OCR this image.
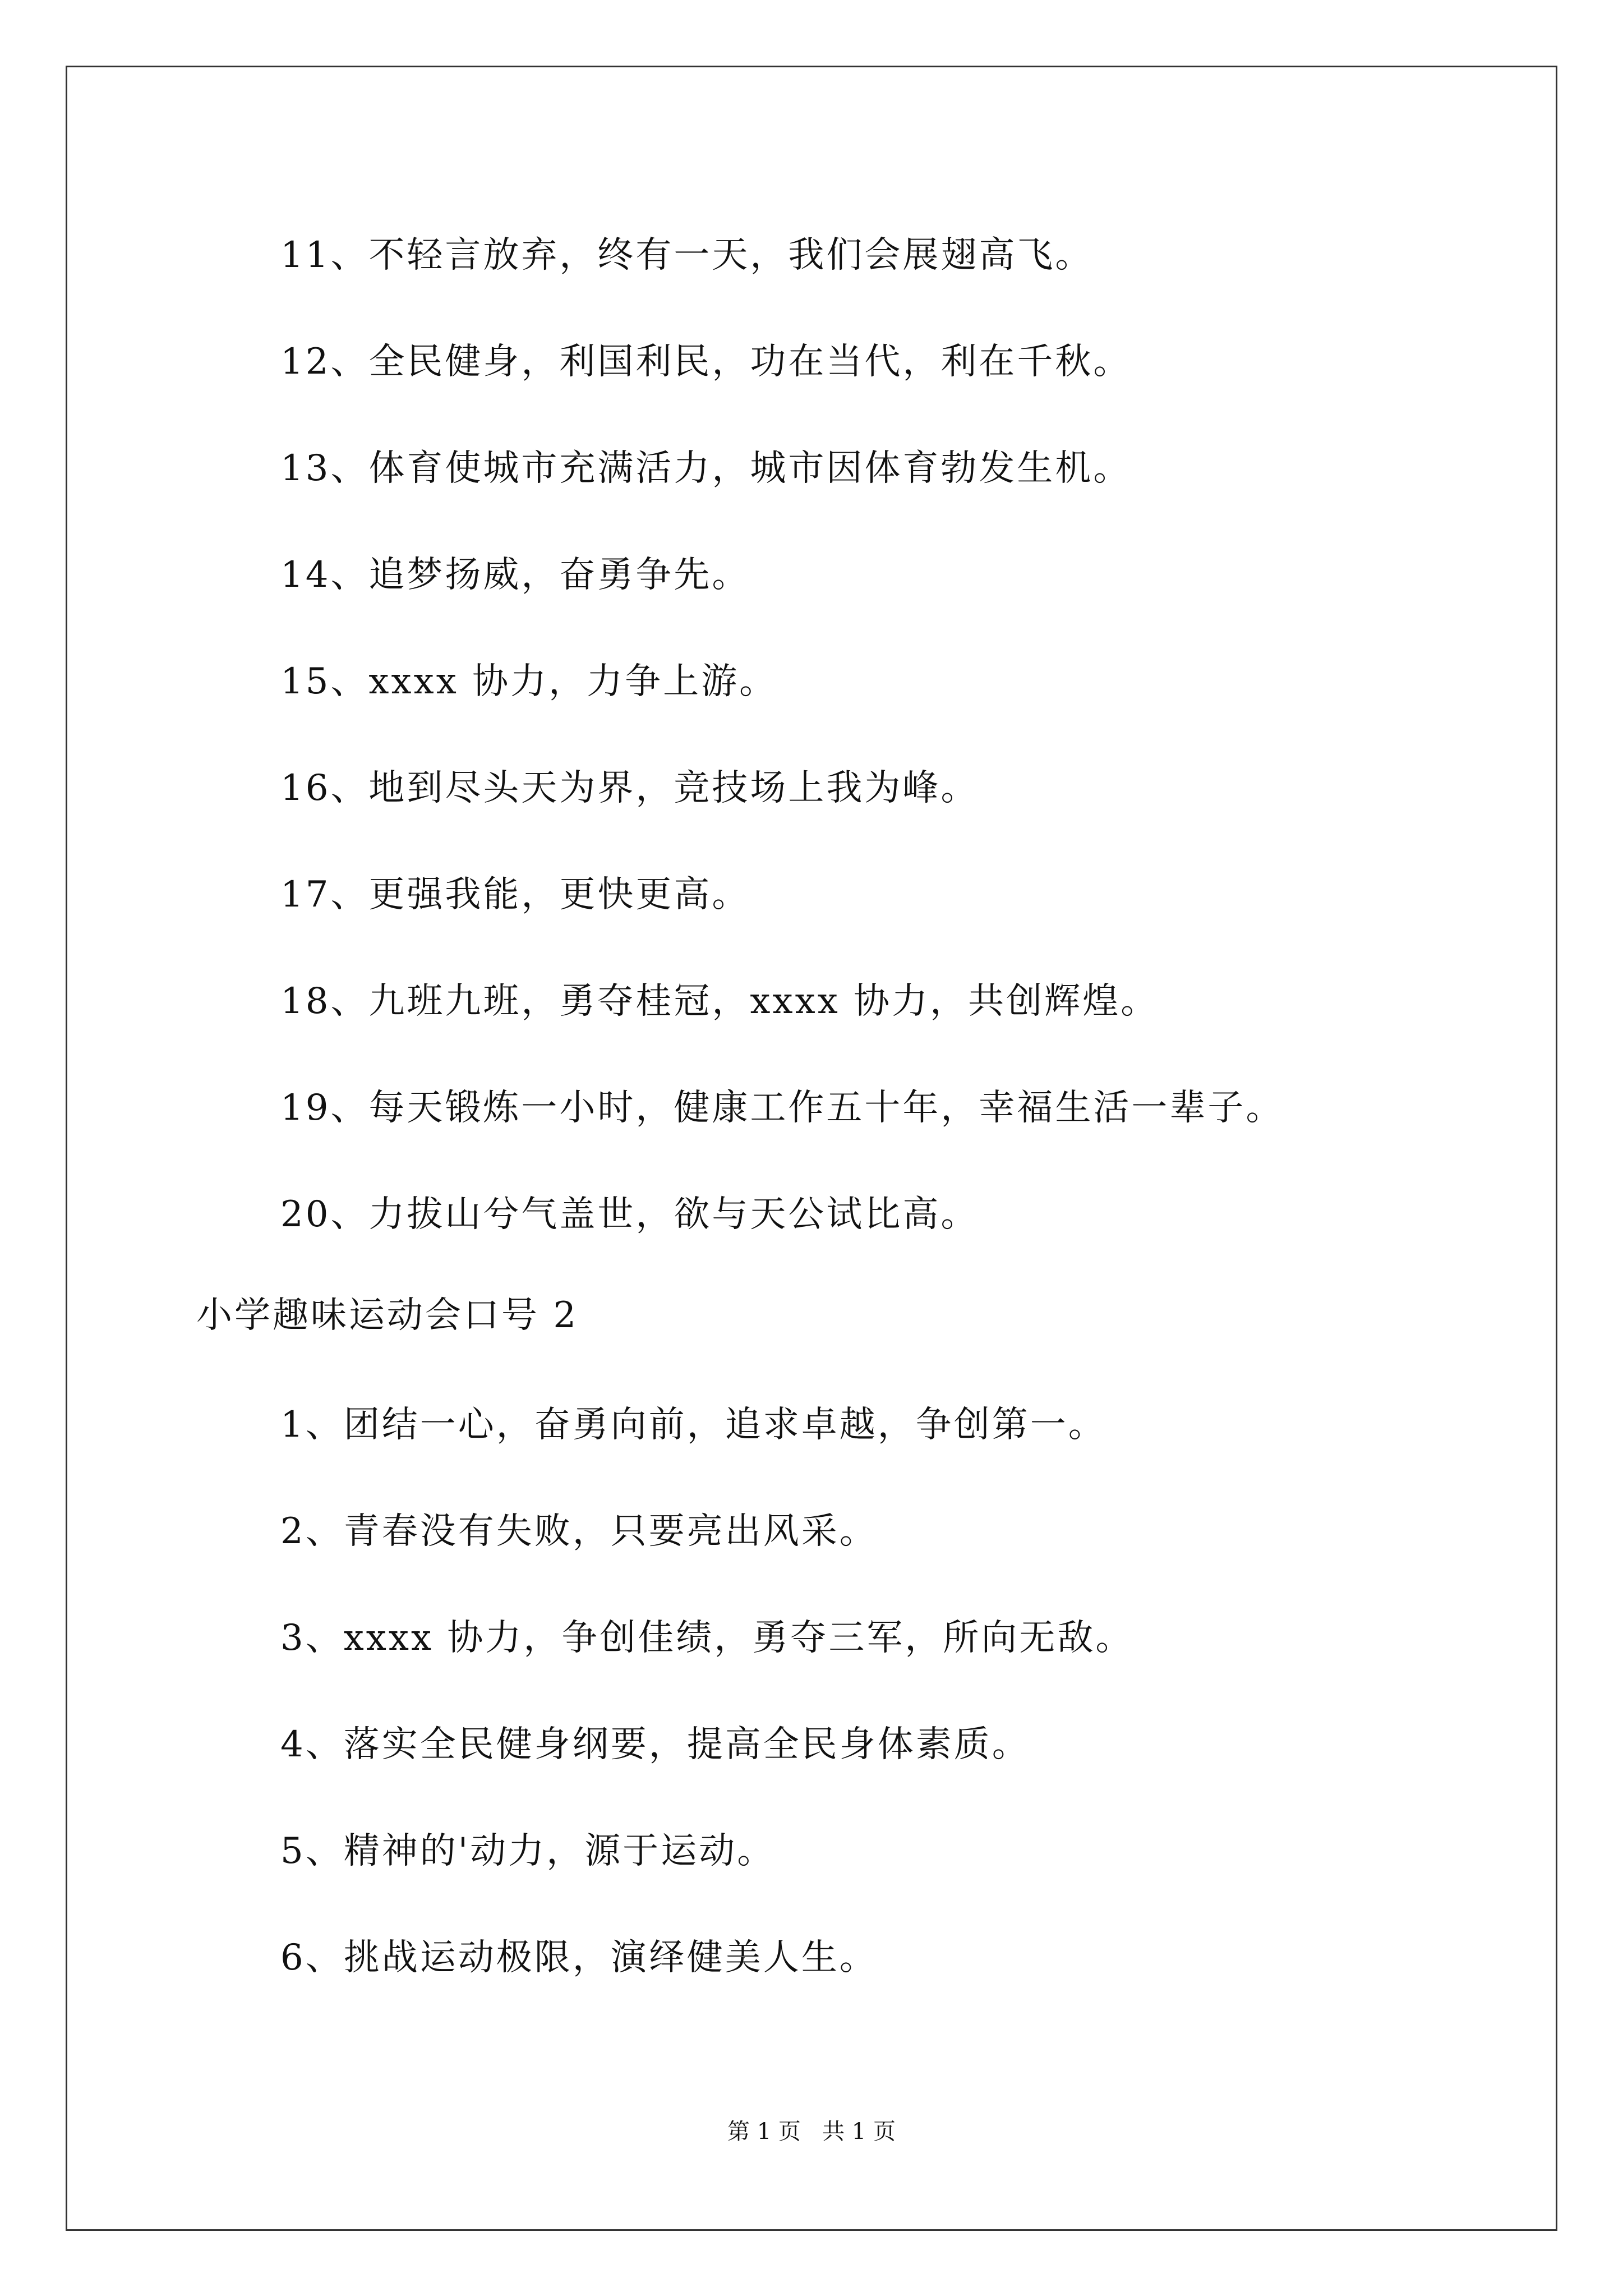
11、不轻言放弃，终有一天，我们会展翅高飞。
12、全民健身，利国利民，功在当代，利在千秋。
13、体育使城市充满活力，城市因体育勃发生机。
14、追梦扬威，奋勇争先。
15、xxxx 协力，力争上游。
16、地到尽头天为界，竞技场上我为峰。
17、更强我能，更快更高。
18、九班九班，勇夺桂冠，xxxx 协力，共创辉煌。
19、每天锻炼一小时，健康工作五十年，幸福生活一辈子。
20、力拔山兮气盖世，欲与天公试比高。
小学趣味运动会口号 2
1、团结一心，奋勇向前，追求卓越，争创第一。
2、青春没有失败，只要亮出风采。
3、xxxx 协力，争创佳绩，勇夺三军，所向无敌。
4、落实全民健身纲要，提高全民身体素质。
5、精神的'动力，源于运动。
6、挑战运动极限，演绎健美人生。
第 1 页   共 1 页
